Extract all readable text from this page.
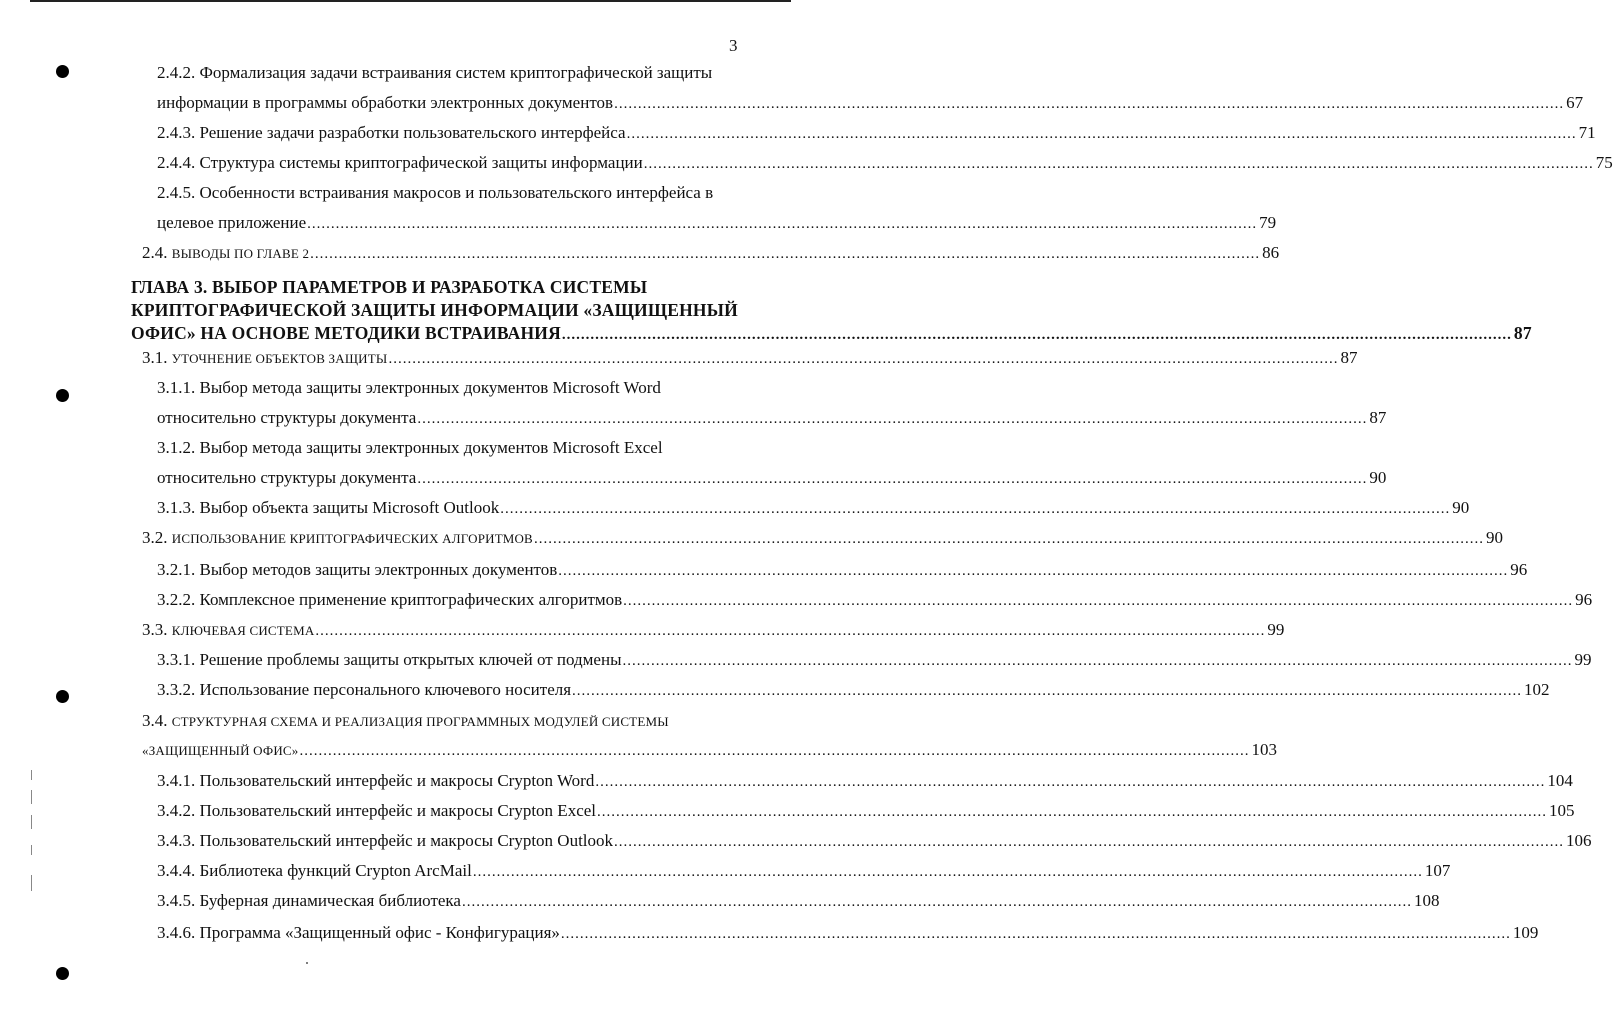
3
2.4.2. Формализация задачи встраивания систем криптографической защиты
информации в программы обработки электронных документов ........................................................................................................................................................................................................ 67
2.4.3. Решение задачи разработки пользовательского интерфейса ........................................................................................................................................................................................................ 71
2.4.4. Структура системы криптографической защиты информации ........................................................................................................................................................................................................ 75
2.4.5. Особенности встраивания макросов и пользовательского интерфейса в
целевое приложение ........................................................................................................................................................................................................ 79
2.4. ВЫВОДЫ ПО ГЛАВЕ 2 ........................................................................................................................................................................................................ 86
ГЛАВА 3. ВЫБОР ПАРАМЕТРОВ И РАЗРАБОТКА СИСТЕМЫ
КРИПТОГРАФИЧЕСКОЙ ЗАЩИТЫ ИНФОРМАЦИИ «ЗАЩИЩЕННЫЙ
ОФИС» НА ОСНОВЕ МЕТОДИКИ ВСТРАИВАНИЯ ........................................................................................................................................................................................................ 87
3.1. УТОЧНЕНИЕ ОБЪЕКТОВ ЗАЩИТЫ ........................................................................................................................................................................................................ 87
3.1.1. Выбор метода защиты электронных документов Microsoft Word
относительно структуры документа ........................................................................................................................................................................................................ 87
3.1.2. Выбор метода защиты электронных документов Microsoft Excel
относительно структуры документа ........................................................................................................................................................................................................ 90
3.1.3. Выбор объекта защиты Microsoft Outlook ........................................................................................................................................................................................................ 90
3.2. ИСПОЛЬЗОВАНИЕ КРИПТОГРАФИЧЕСКИХ АЛГОРИТМОВ ........................................................................................................................................................................................................ 90
3.2.1. Выбор методов защиты электронных документов ........................................................................................................................................................................................................ 96
3.2.2. Комплексное применение криптографических алгоритмов ........................................................................................................................................................................................................ 96
3.3. КЛЮЧЕВАЯ СИСТЕМА ........................................................................................................................................................................................................ 99
3.3.1. Решение проблемы защиты открытых ключей от подмены ........................................................................................................................................................................................................ 99
3.3.2. Использование персонального ключевого носителя ........................................................................................................................................................................................................ 102
3.4. СТРУКТУРНАЯ СХЕМА И РЕАЛИЗАЦИЯ ПРОГРАММНЫХ МОДУЛЕЙ СИСТЕМЫ
«ЗАЩИЩЕННЫЙ ОФИС» ........................................................................................................................................................................................................ 103
3.4.1. Пользовательский интерфейс и макросы Crypton Word ........................................................................................................................................................................................................ 104
3.4.2. Пользовательский интерфейс и макросы Crypton Excel ........................................................................................................................................................................................................ 105
3.4.3. Пользовательский интерфейс и макросы Crypton Outlook ........................................................................................................................................................................................................ 106
3.4.4. Библиотека функций Crypton ArcMail ........................................................................................................................................................................................................ 107
3.4.5. Буферная динамическая библиотека ........................................................................................................................................................................................................ 108
3.4.6. Программа «Защищенный офис - Конфигурация» ........................................................................................................................................................................................................ 109
